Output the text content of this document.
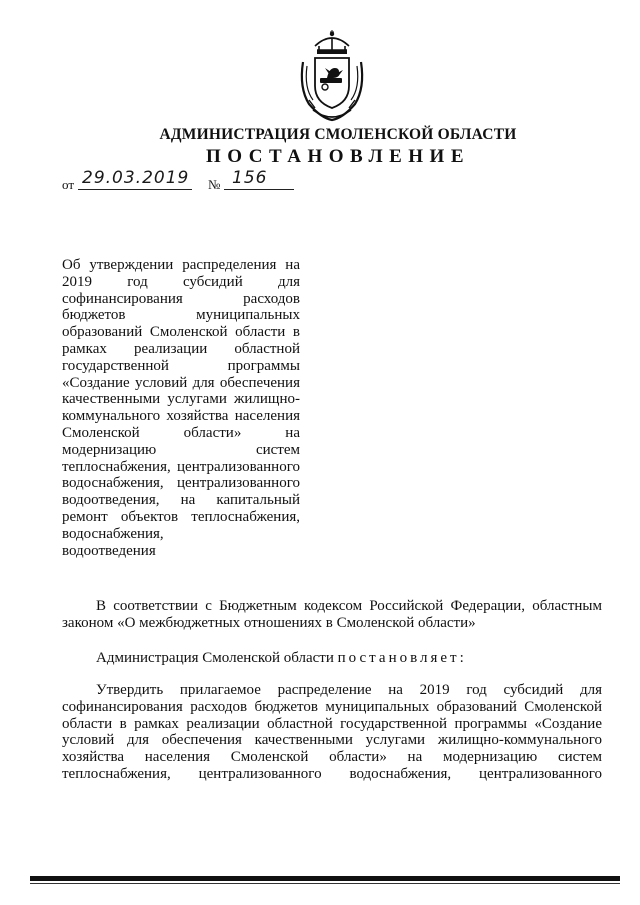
АДМИНИСТРАЦИЯ СМОЛЕНСКОЙ ОБЛАСТИ
ПОСТАНОВЛЕНИЕ
от 29.03.2019 № 156
Об утверждении распределения на 2019 год субсидий для софинансирования расходов бюджетов муниципальных образований Смоленской области в рамках реализации областной государственной программы «Создание условий для обеспечения качественными услугами жилищно-коммунального хозяйства населения Смоленской области» на модернизацию систем теплоснабжения, централизованного водоснабжения, централизованного водоотведения, на капитальный ремонт объектов теплоснабжения, водоснабжения,
водоотведения
В соответствии с Бюджетным кодексом Российской Федерации, областным законом «О межбюджетных отношениях в Смоленской области»
Администрация Смоленской области постановляет:
Утвердить прилагаемое распределение на 2019 год субсидий для софинансирования расходов бюджетов муниципальных образований Смоленской области в рамках реализации областной государственной программы «Создание условий для обеспечения качественными услугами жилищно-коммунального хозяйства населения Смоленской области» на модернизацию систем теплоснабжения, централизованного водоснабжения, централизованного
